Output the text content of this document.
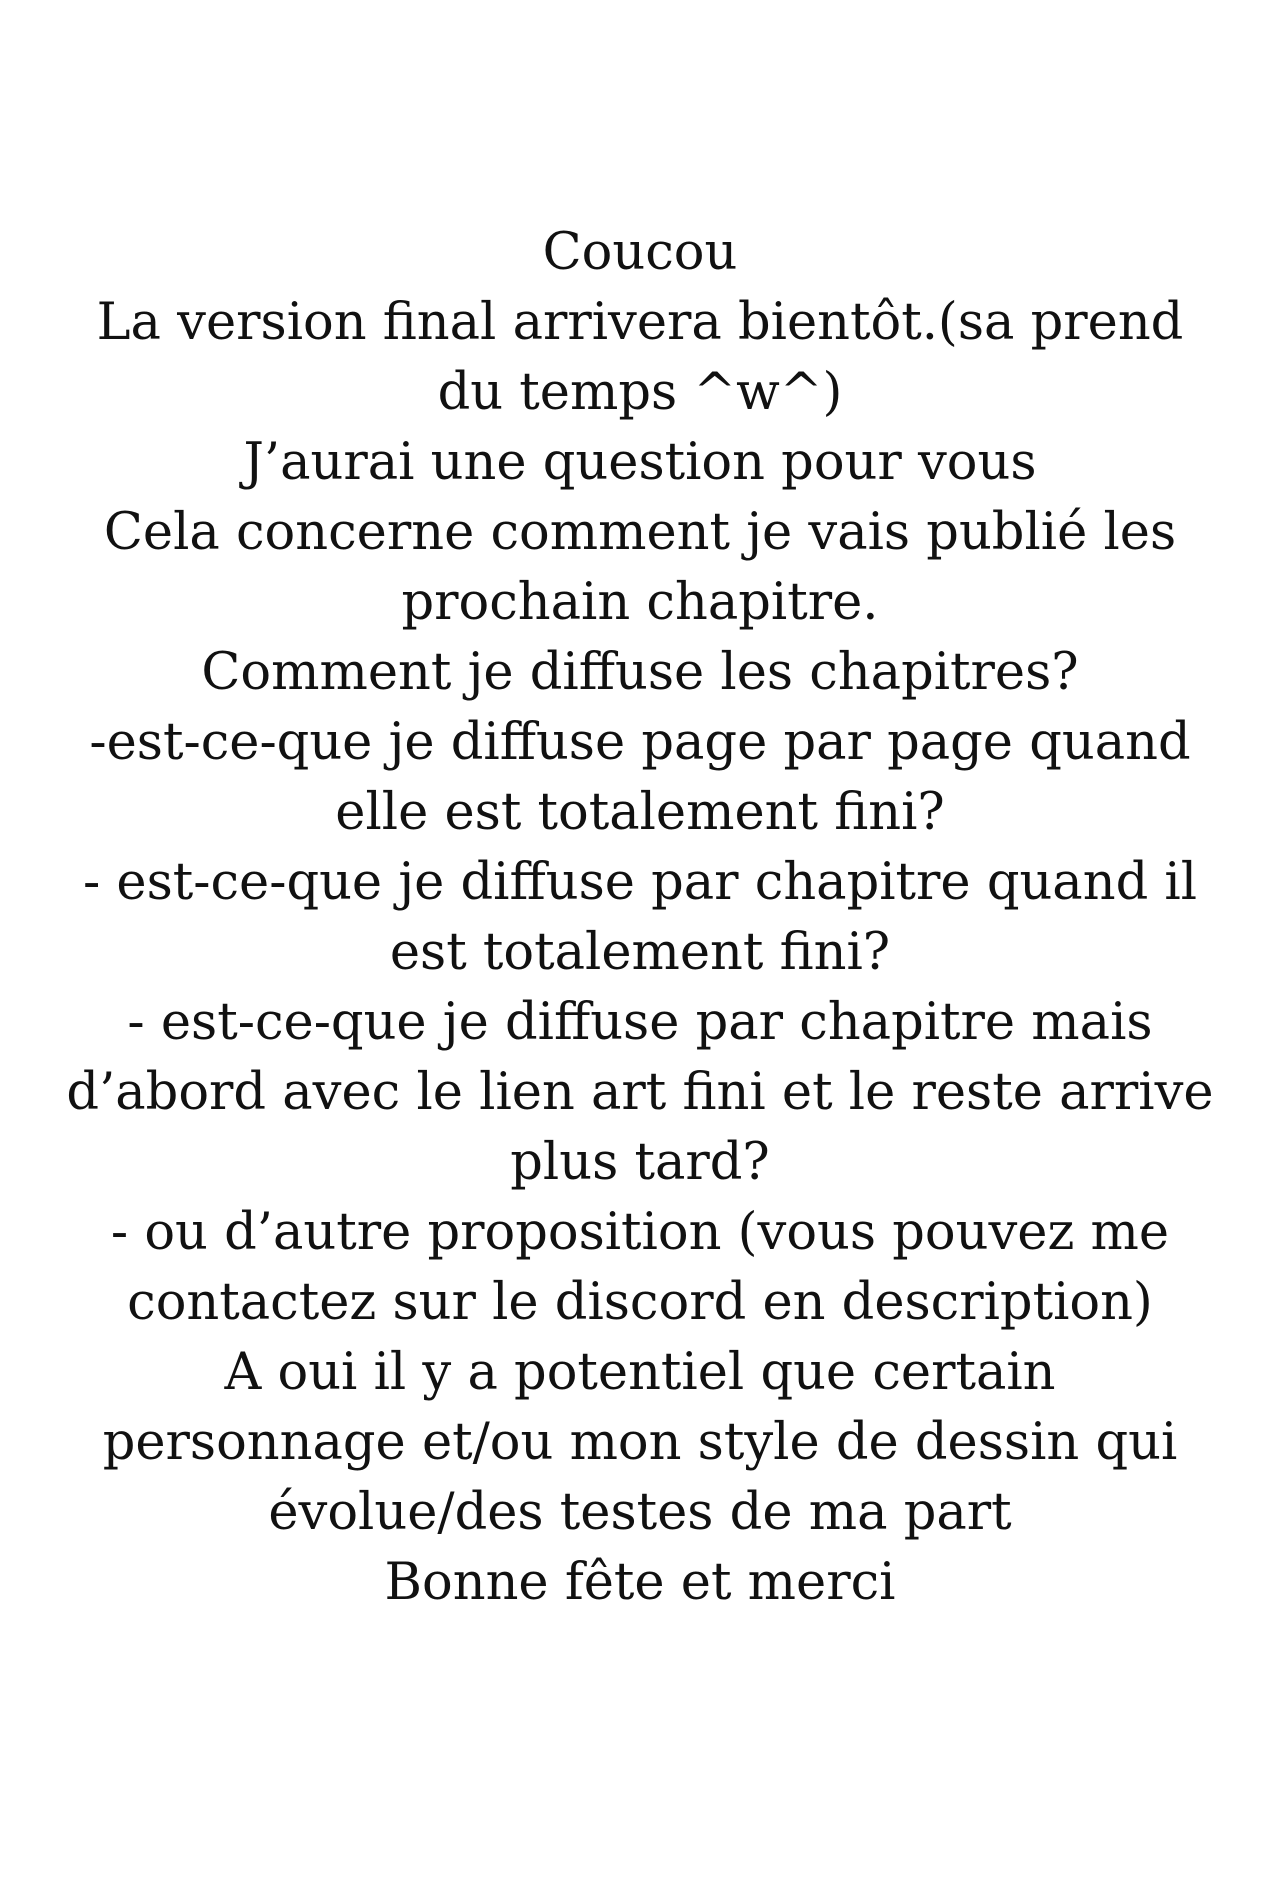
Coucou
La version final arrivera bientôt.(sa prend
du temps ^w^)
J’aurai une question pour vous
Cela concerne comment je vais publié les
prochain chapitre.
Comment je diffuse les chapitres?
-est-ce-que je diffuse page par page quand
elle est totalement fini?
- est-ce-que je diffuse par chapitre quand il
est totalement fini?
- est-ce-que je diffuse par chapitre mais
d’abord avec le lien art fini et le reste arrive
plus tard?
- ou d’autre proposition (vous pouvez me
contactez sur le discord en description)
A oui il y a potentiel que certain
personnage et/ou mon style de dessin qui
évolue/des testes de ma part
Bonne fête et merci
